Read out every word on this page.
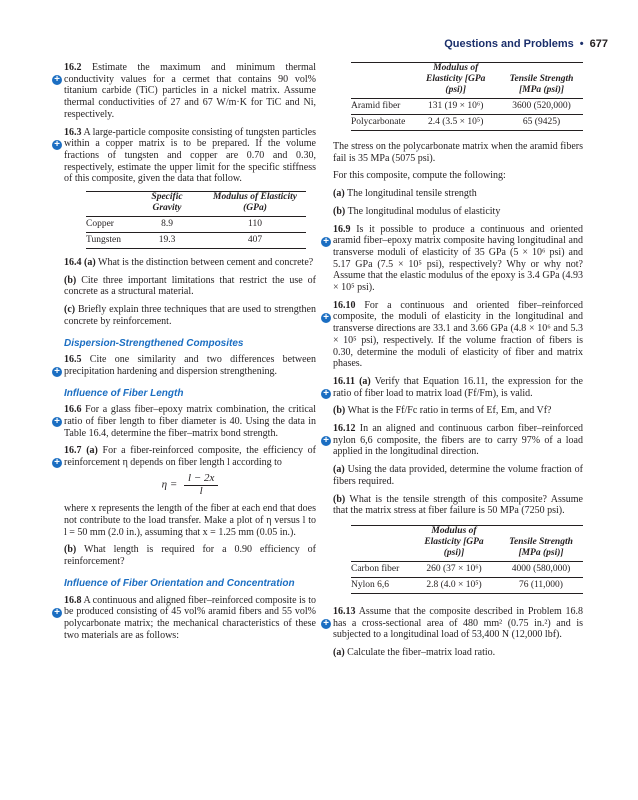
Questions and Problems • 677
+
16.2 Estimate the maximum and minimum thermal conductivity values for a cermet that contains 90 vol% titanium carbide (TiC) particles in a nickel matrix. Assume thermal conductivities of 27 and 67 W/m·K for TiC and Ni, respectively.
+
16.3 A large-particle composite consisting of tungsten particles within a copper matrix is to be prepared. If the volume fractions of tungsten and copper are 0.70 and 0.30, respectively, estimate the upper limit for the specific stiffness of this composite, given the data that follow.
	Specific Gravity	Modulus of Elasticity (GPa)
Copper	8.9	110
Tungsten	19.3	407
16.4 (a) What is the distinction between cement and concrete?
(b) Cite three important limitations that restrict the use of concrete as a structural material.
(c) Briefly explain three techniques that are used to strengthen concrete by reinforcement.
Dispersion-Strengthened Composites
+
16.5 Cite one similarity and two differences between precipitation hardening and dispersion strengthening.
Influence of Fiber Length
+
16.6 For a glass fiber–epoxy matrix combination, the critical ratio of fiber length to fiber diameter is 40. Using the data in Table 16.4, determine the fiber–matrix bond strength.
+
16.7 (a) For a fiber-reinforced composite, the efficiency of reinforcement η depends on fiber length l according to
$\eta = \frac{l - 2x}{l}$
where x represents the length of the fiber at each end that does not contribute to the load transfer. Make a plot of η versus l to l = 50 mm (2.0 in.), assuming that x = 1.25 mm (0.05 in.).
(b) What length is required for a 0.90 efficiency of reinforcement?
Influence of Fiber Orientation and Concentration
+
16.8 A continuous and aligned fiber–reinforced composite is to be produced consisting of 45 vol% aramid fibers and 55 vol% polycarbonate matrix; the mechanical characteristics of these two materials are as follows:
	Modulus of Elasticity [GPa (psi)]	Tensile Strength [MPa (psi)]
Aramid fiber	131 (19 × 10⁶)	3600 (520,000)
Polycarbonate	2.4 (3.5 × 10⁵)	65 (9425)
The stress on the polycarbonate matrix when the aramid fibers fail is 35 MPa (5075 psi).
For this composite, compute the following:
(a) The longitudinal tensile strength
(b) The longitudinal modulus of elasticity
+
16.9 Is it possible to produce a continuous and oriented aramid fiber–epoxy matrix composite having longitudinal and transverse moduli of elasticity of 35 GPa (5 × 10⁶ psi) and 5.17 GPa (7.5 × 10⁵ psi), respectively? Why or why not? Assume that the elastic modulus of the epoxy is 3.4 GPa (4.93 × 10⁵ psi).
+
16.10 For a continuous and oriented fiber–reinforced composite, the moduli of elasticity in the longitudinal and transverse directions are 33.1 and 3.66 GPa (4.8 × 10⁶ and 5.3 × 10⁵ psi), respectively. If the volume fraction of fibers is 0.30, determine the moduli of elasticity of fiber and matrix phases.
+
16.11 (a) Verify that Equation 16.11, the expression for the ratio of fiber load to matrix load (Ff/Fm), is valid.
(b) What is the Ff/Fc ratio in terms of Ef, Em, and Vf?
+
16.12 In an aligned and continuous carbon fiber–reinforced nylon 6,6 composite, the fibers are to carry 97% of a load applied in the longitudinal direction.
(a) Using the data provided, determine the volume fraction of fibers required.
(b) What is the tensile strength of this composite? Assume that the matrix stress at fiber failure is 50 MPa (7250 psi).
	Modulus of Elasticity [GPa (psi)]	Tensile Strength [MPa (psi)]
Carbon fiber	260 (37 × 10⁶)	4000 (580,000)
Nylon 6,6	2.8 (4.0 × 10⁵)	76 (11,000)
+
16.13 Assume that the composite described in Problem 16.8 has a cross-sectional area of 480 mm² (0.75 in.²) and is subjected to a longitudinal load of 53,400 N (12,000 lbf).
(a) Calculate the fiber–matrix load ratio.
